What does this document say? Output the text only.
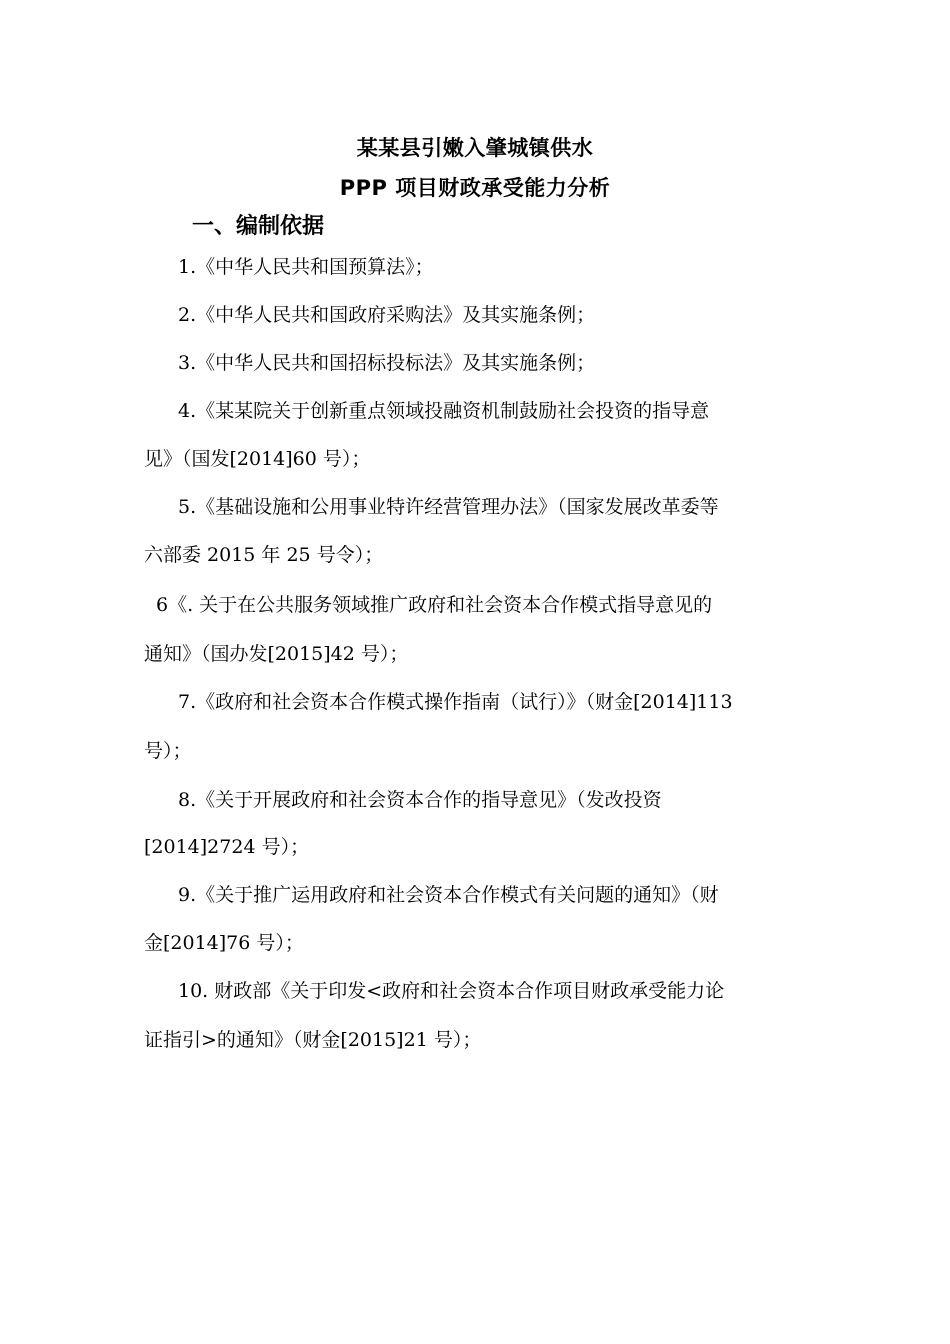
某某县引嫩入肇城镇供水
PPP 项目财政承受能力分析
一、编制依据
1.《中华人民共和国预算法》；
2.《中华人民共和国政府采购法》及其实施条例；
3.《中华人民共和国招标投标法》及其实施条例；
4.《某某院关于创新重点领域投融资机制鼓励社会投资的指导意
见》（国发[2014]60 号）；
5.《基础设施和公用事业特许经营管理办法》（国家发展改革委等
六部委 2015 年 25 号令）；
6《. 关于在公共服务领域推广政府和社会资本合作模式指导意见的
通知》（国办发[2015]42 号）；
7.《政府和社会资本合作模式操作指南（试行）》（财金[2014]113
号）；
8.《关于开展政府和社会资本合作的指导意见》（发改投资
[2014]2724 号）；
9.《关于推广运用政府和社会资本合作模式有关问题的通知》（财
金[2014]76 号）；
10. 财政部《关于印发<政府和社会资本合作项目财政承受能力论
证指引>的通知》（财金[2015]21 号）；
